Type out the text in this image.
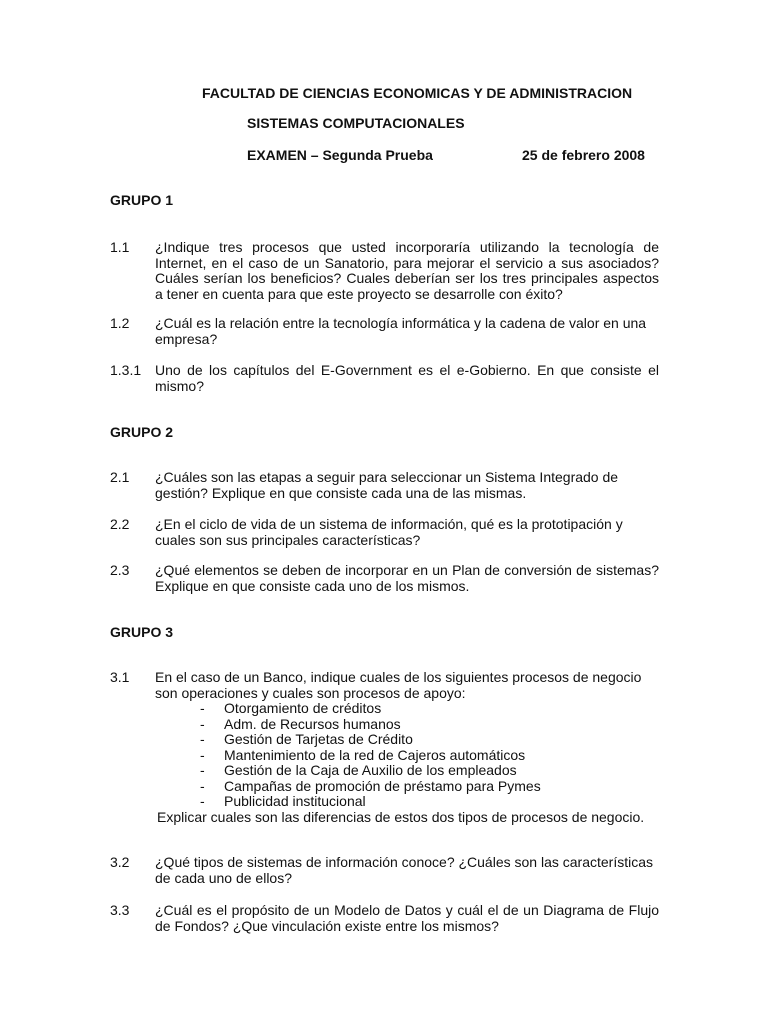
FACULTAD DE CIENCIAS ECONOMICAS Y DE ADMINISTRACION
SISTEMAS COMPUTACIONALES
EXAMEN – Segunda Prueba	25 de febrero 2008
GRUPO 1
1.1 ¿Indique tres procesos que usted incorporaría utilizando la tecnología de Internet, en el caso de un Sanatorio, para mejorar el servicio a sus asociados? Cuáles serían los beneficios? Cuales deberían ser los tres principales aspectos a tener en cuenta para que este proyecto se desarrolle con éxito?
1.2 ¿Cuál es la relación entre la tecnología informática y la cadena de valor en una empresa?
1.3.1 Uno de los capítulos del E-Government es el e-Gobierno. En que consiste el mismo?
GRUPO 2
2.1 ¿Cuáles son las etapas a seguir para seleccionar un Sistema Integrado de gestión? Explique en que consiste cada una de las mismas.
2.2 ¿En el ciclo de vida de un sistema de información, qué es la prototipación y cuales son sus principales características?
2.3 ¿Qué elementos se deben de incorporar en un Plan de conversión de sistemas? Explique en que consiste cada uno de los mismos.
GRUPO 3
3.1 En el caso de un Banco, indique cuales de los siguientes procesos de negocio son operaciones y cuales son procesos de apoyo:
- Otorgamiento de créditos
- Adm. de Recursos humanos
- Gestión de Tarjetas de Crédito
- Mantenimiento de la red de Cajeros automáticos
- Gestión de la Caja de Auxilio de los empleados
- Campañas de promoción de préstamo para Pymes
- Publicidad institucional
Explicar cuales son las diferencias de estos dos tipos de procesos de negocio.
3.2 ¿Qué tipos de sistemas de información conoce? ¿Cuáles son las características de cada uno de ellos?
3.3 ¿Cuál es el propósito de un Modelo de Datos y cuál el de un Diagrama de Flujo de Fondos? ¿Que vinculación existe entre los mismos?
